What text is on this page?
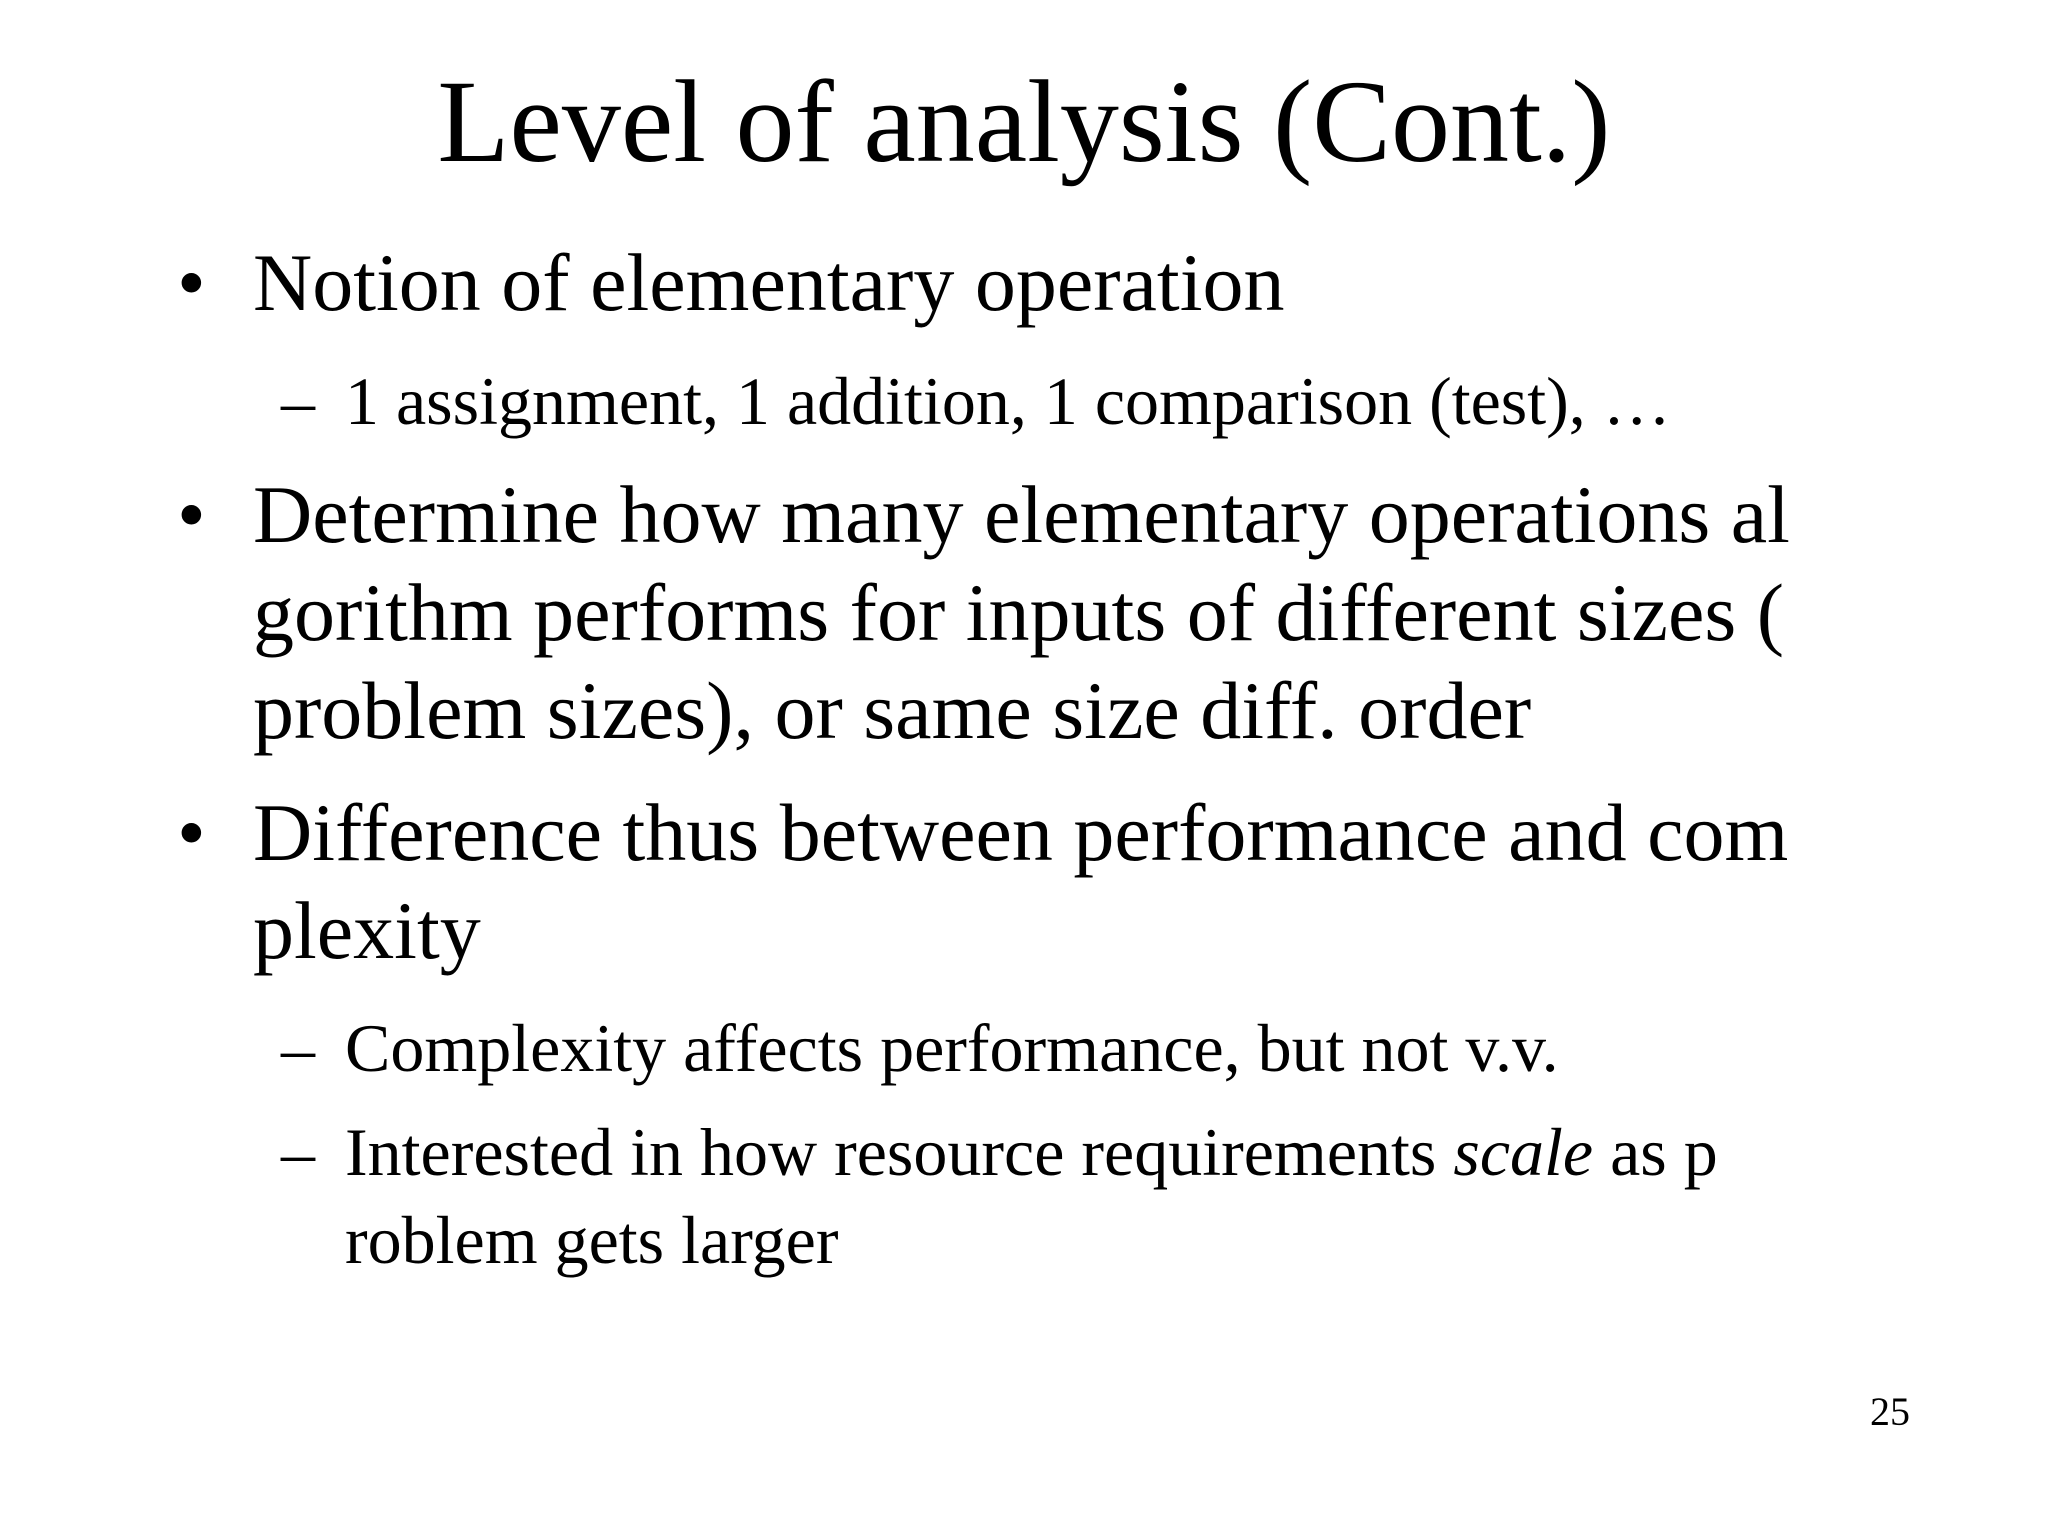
Level of analysis (Cont.)
• Notion of elementary operation
– 1 assignment, 1 addition, 1 comparison (test), …
• Determine how many elementary operations al
gorithm performs for inputs of different sizes (
problem sizes), or same size diff. order
• Difference thus between performance and com
plexity
– Complexity affects performance, but not v.v.
– Interested in how resource requirements scale as p
roblem gets larger
25
